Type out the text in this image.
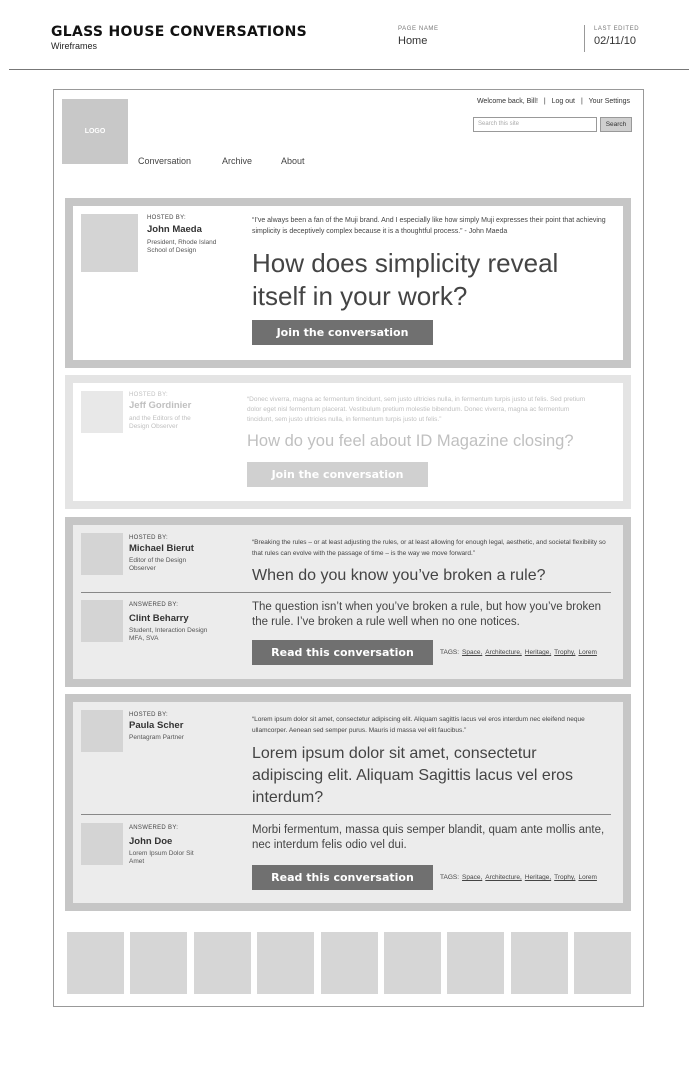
GLASS HOUSE CONVERSATIONS
Wireframes
PAGE NAME
Home
LAST EDITED
02/11/10
LOGO
Welcome back, Bill! | Log out | Your Settings
Search this site	Search
Conversation	Archive	About
HOSTED BY:
John Maeda
President, Rhode Island School of Design
“I’ve always been a fan of the Muji brand. And I especially like how simply Muji expresses their point that achieving simplicity is deceptively complex because it is a thoughtful process.” - John Maeda
How does simplicity reveal itself in your work?
Join the conversation
HOSTED BY:
Jeff Gordinier
and the Editors of the Design Observer
“Donec viverra, magna ac fermentum tincidunt, sem justo ultricies nulla, in fermentum turpis justo ut felis. Sed pretium dolor eget nisl fermentum placerat. Vestibulum pretium molestie bibendum. Donec viverra, magna ac fermentum tincidunt, sem justo ultricies nulla, in fermentum turpis justo ut felis.”
How do you feel about ID Magazine closing?
Join the conversation
HOSTED BY:
Michael Bierut
Editor of the Design Observer
“Breaking the rules – or at least adjusting the rules, or at least allowing for enough legal, aesthetic, and societal flexibility so that rules can evolve with the passage of time – is the way we move forward.”
When do you know you’ve broken a rule?
ANSWERED BY:
Clint Beharry
Student, Interaction Design MFA, SVA
The question isn’t when you’ve broken a rule, but how you’ve broken the rule. I’ve broken a rule well when no one notices.
Read this conversation	TAGS: Space, Architecture, Heritage, Trophy, Lorem
HOSTED BY:
Paula Scher
Pentagram Partner
“Lorem ipsum dolor sit amet, consectetur adipiscing elit. Aliquam sagittis lacus vel eros interdum nec eleifend neque ullamcorper. Aenean sed semper purus. Mauris id massa vel elit faucibus.”
Lorem ipsum dolor sit amet, consectetur adipiscing elit. Aliquam Sagittis lacus vel eros interdum?
ANSWERED BY:
John Doe
Lorem Ipsum Dolor Sit Amet
Morbi fermentum, massa quis semper blandit, quam ante mollis ante, nec interdum felis odio vel dui.
Read this conversation	TAGS: Space, Architecture, Heritage, Trophy, Lorem
